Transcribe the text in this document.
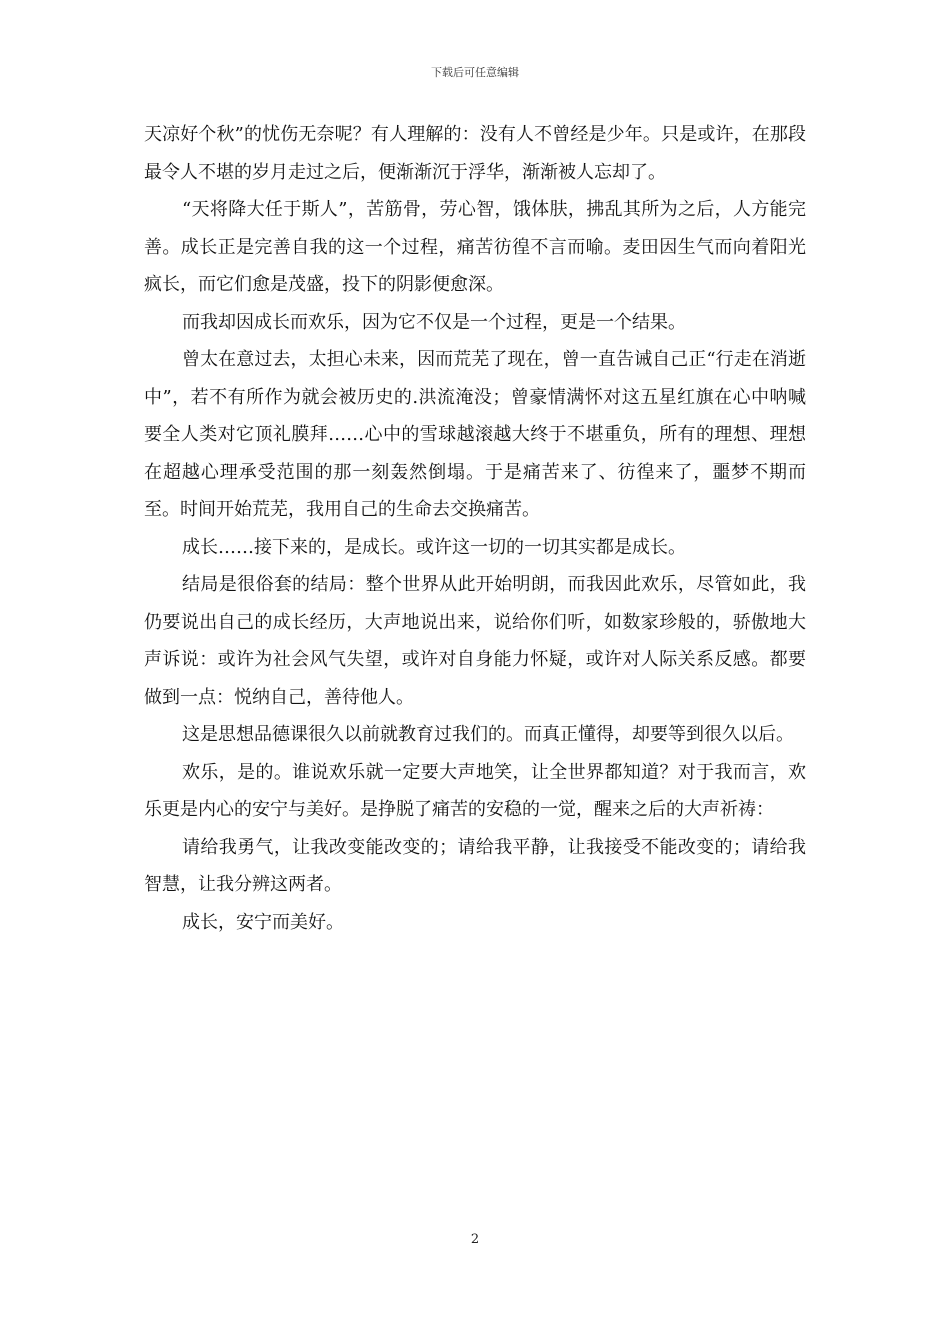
下载后可任意编辑

天凉好个秋”的忧伤无奈呢？有人理解的：没有人不曾经是少年。只是或许，在那段最令人不堪的岁月走过之后，便渐渐沉于浮华，渐渐被人忘却了。

“天将降大任于斯人”，苦筋骨，劳心智，饿体肤，拂乱其所为之后，人方能完善。成长正是完善自我的这一个过程，痛苦彷徨不言而喻。麦田因生气而向着阳光疯长，而它们愈是茂盛，投下的阴影便愈深。

而我却因成长而欢乐，因为它不仅是一个过程，更是一个结果。

曾太在意过去，太担心未来，因而荒芜了现在，曾一直告诫自己正“行走在消逝中”，若不有所作为就会被历史的.洪流淹没；曾豪情满怀对这五星红旗在心中呐喊要全人类对它顶礼膜拜……心中的雪球越滚越大终于不堪重负，所有的理想、理想在超越心理承受范围的那一刻轰然倒塌。于是痛苦来了、彷徨来了，噩梦不期而至。时间开始荒芜，我用自己的生命去交换痛苦。

成长……接下来的，是成长。或许这一切的一切其实都是成长。

结局是很俗套的结局：整个世界从此开始明朗，而我因此欢乐，尽管如此，我仍要说出自己的成长经历，大声地说出来，说给你们听，如数家珍般的，骄傲地大声诉说：或许为社会风气失望，或许对自身能力怀疑，或许对人际关系反感。都要做到一点：悦纳自己，善待他人。

这是思想品德课很久以前就教育过我们的。而真正懂得，却要等到很久以后。

欢乐，是的。谁说欢乐就一定要大声地笑，让全世界都知道？对于我而言，欢乐更是内心的安宁与美好。是挣脱了痛苦的安稳的一觉，醒来之后的大声祈祷：

请给我勇气，让我改变能改变的；请给我平静，让我接受不能改变的；请给我智慧，让我分辨这两者。

成长，安宁而美好。

2
